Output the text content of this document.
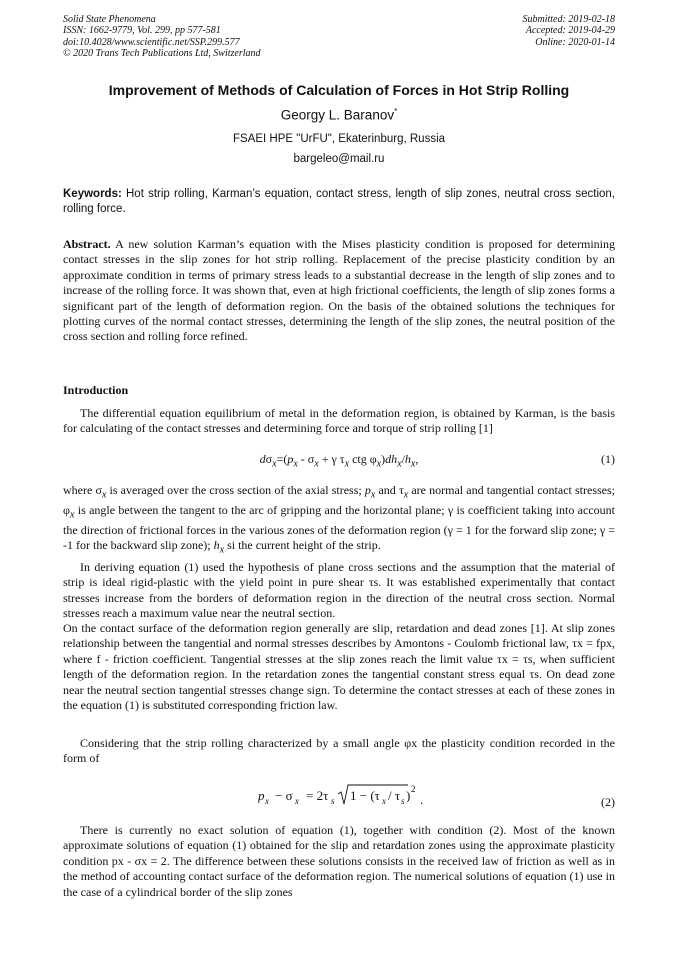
Solid State Phenomena
ISSN: 1662-9779, Vol. 299, pp 577-581
doi:10.4028/www.scientific.net/SSP.299.577
© 2020 Trans Tech Publications Ltd, Switzerland
Submitted: 2019-02-18
Accepted: 2019-04-29
Online: 2020-01-14
Improvement of Methods of Calculation of Forces in Hot Strip Rolling
Georgy L. Baranov*
FSAEI HPE "UrFU", Ekaterinburg, Russia
bargeleo@mail.ru
Keywords: Hot strip rolling, Karman’s equation, contact stress, length of slip zones, neutral cross section, rolling force.
Abstract. A new solution Karman’s equation with the Mises plasticity condition is proposed for determining contact stresses in the slip zones for hot strip rolling. Replacement of the precise plasticity condition by an approximate condition in terms of primary stress leads to a substantial decrease in the length of slip zones and to increase of the rolling force. It was shown that, even at high frictional coefficients, the length of slip zones forms a significant part of the length of deformation region. On the basis of the obtained solutions the techniques for plotting curves of the normal contact stresses, determining the length of the slip zones, the neutral position of the cross section and rolling force refined.
Introduction
The differential equation equilibrium of metal in the deformation region, is obtained by Karman, is the basis for calculating of the contact stresses and determining force and torque of strip rolling [1]
$d\sigma_x=(p_x - \sigma_x + \gamma$ $\tau_x$ ctg $\varphi_x)dh_x/h_x$,	(1)
where $\sigma_x$ is averaged over the cross section of the axial stress; $p_x$ and $\tau_x$ are normal and tangential contact stresses; $\varphi_x$ is angle between the tangent to the arc of gripping and the horizontal plane; γ is coefficient taking into account the direction of frictional forces in the various zones of the deformation region (γ = 1 for the forward slip zone; γ = -1 for the backward slip zone); $h_x$ si the current height of the strip.
In deriving equation (1) used the hypothesis of plane cross sections and the assumption that the material of strip is ideal rigid-plastic with the yield point in pure shear τs. It was established experimentally that contact stresses increase from the borders of deformation region in the direction of the neutral cross section. Normal stresses reach a maximum value near the neutral section.
On the contact surface of the deformation region generally are slip, retardation and dead zones [1]. At slip zones relationship between the tangential and normal stresses describes by Amontons - Coulomb frictional law, τx = fpx, where f - friction coefficient. Tangential stresses at the slip zones reach the limit value τx = τs, when sufficient length of the deformation region. In the retardation zones the tangential constant stress equal τs. On dead zone near the neutral section tangential stresses change sign. To determine the contact stresses at each of these zones in the equation (1) is substituted corresponding friction law.
Considering that the strip rolling characterized by a small angle φx the plasticity condition recorded in the form of
p x − σ x = 2τ s 1 − (τ x / τ s ) 2
.	(2)
There is currently no exact solution of equation (1), together with condition (2). Most of the known approximate solutions of equation (1) obtained for the slip and retardation zones using the approximate plasticity condition px - σx = 2. The difference between these solutions consists in the received law of friction as well as in the method of accounting contact surface of the deformation region. The numerical solutions of equation (1) use in the case of a cylindrical border of the slip zones
